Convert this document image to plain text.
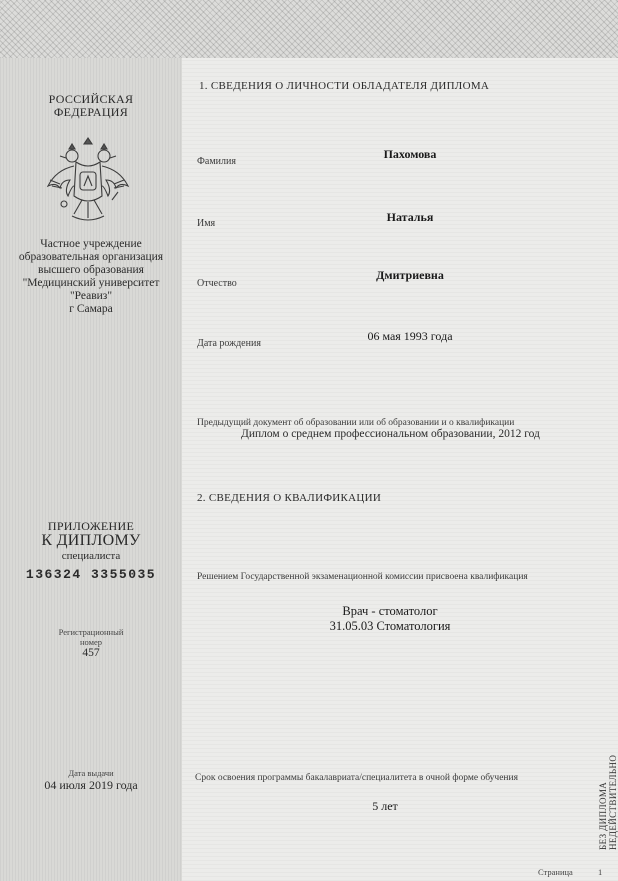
РОССИЙСКАЯ
ФЕДЕРАЦИЯ
Частное учреждение
образовательная организация
высшего образования
"Медицинский университет
"Реавиз"
г Самара
ПРИЛОЖЕНИЕ
К ДИПЛОМУ
специалиста
136324 3355035
Регистрационный
номер
457
Дата выдачи
04 июля 2019 года
1. СВЕДЕНИЯ О ЛИЧНОСТИ ОБЛАДАТЕЛЯ ДИПЛОМА
Фамилия
Пахомова
Имя	Наталья
Отчество
Дмитриевна
Дата рождения
06 мая 1993 года
Предыдущий документ об образовании или об образовании и о квалификации
Диплом о среднем профессиональном образовании, 2012 год
2. СВЕДЕНИЯ О КВАЛИФИКАЦИИ
Решением Государственной экзаменационной комиссии присвоена квалификация
Врач - стоматолог
31.05.03 Стоматология
Срок освоения программы бакалавриата/специалитета в очной форме обучения
5 лет
Страница	1
БЕЗ ДИПЛОМА НЕДЕЙСТВИТЕЛЬНО
